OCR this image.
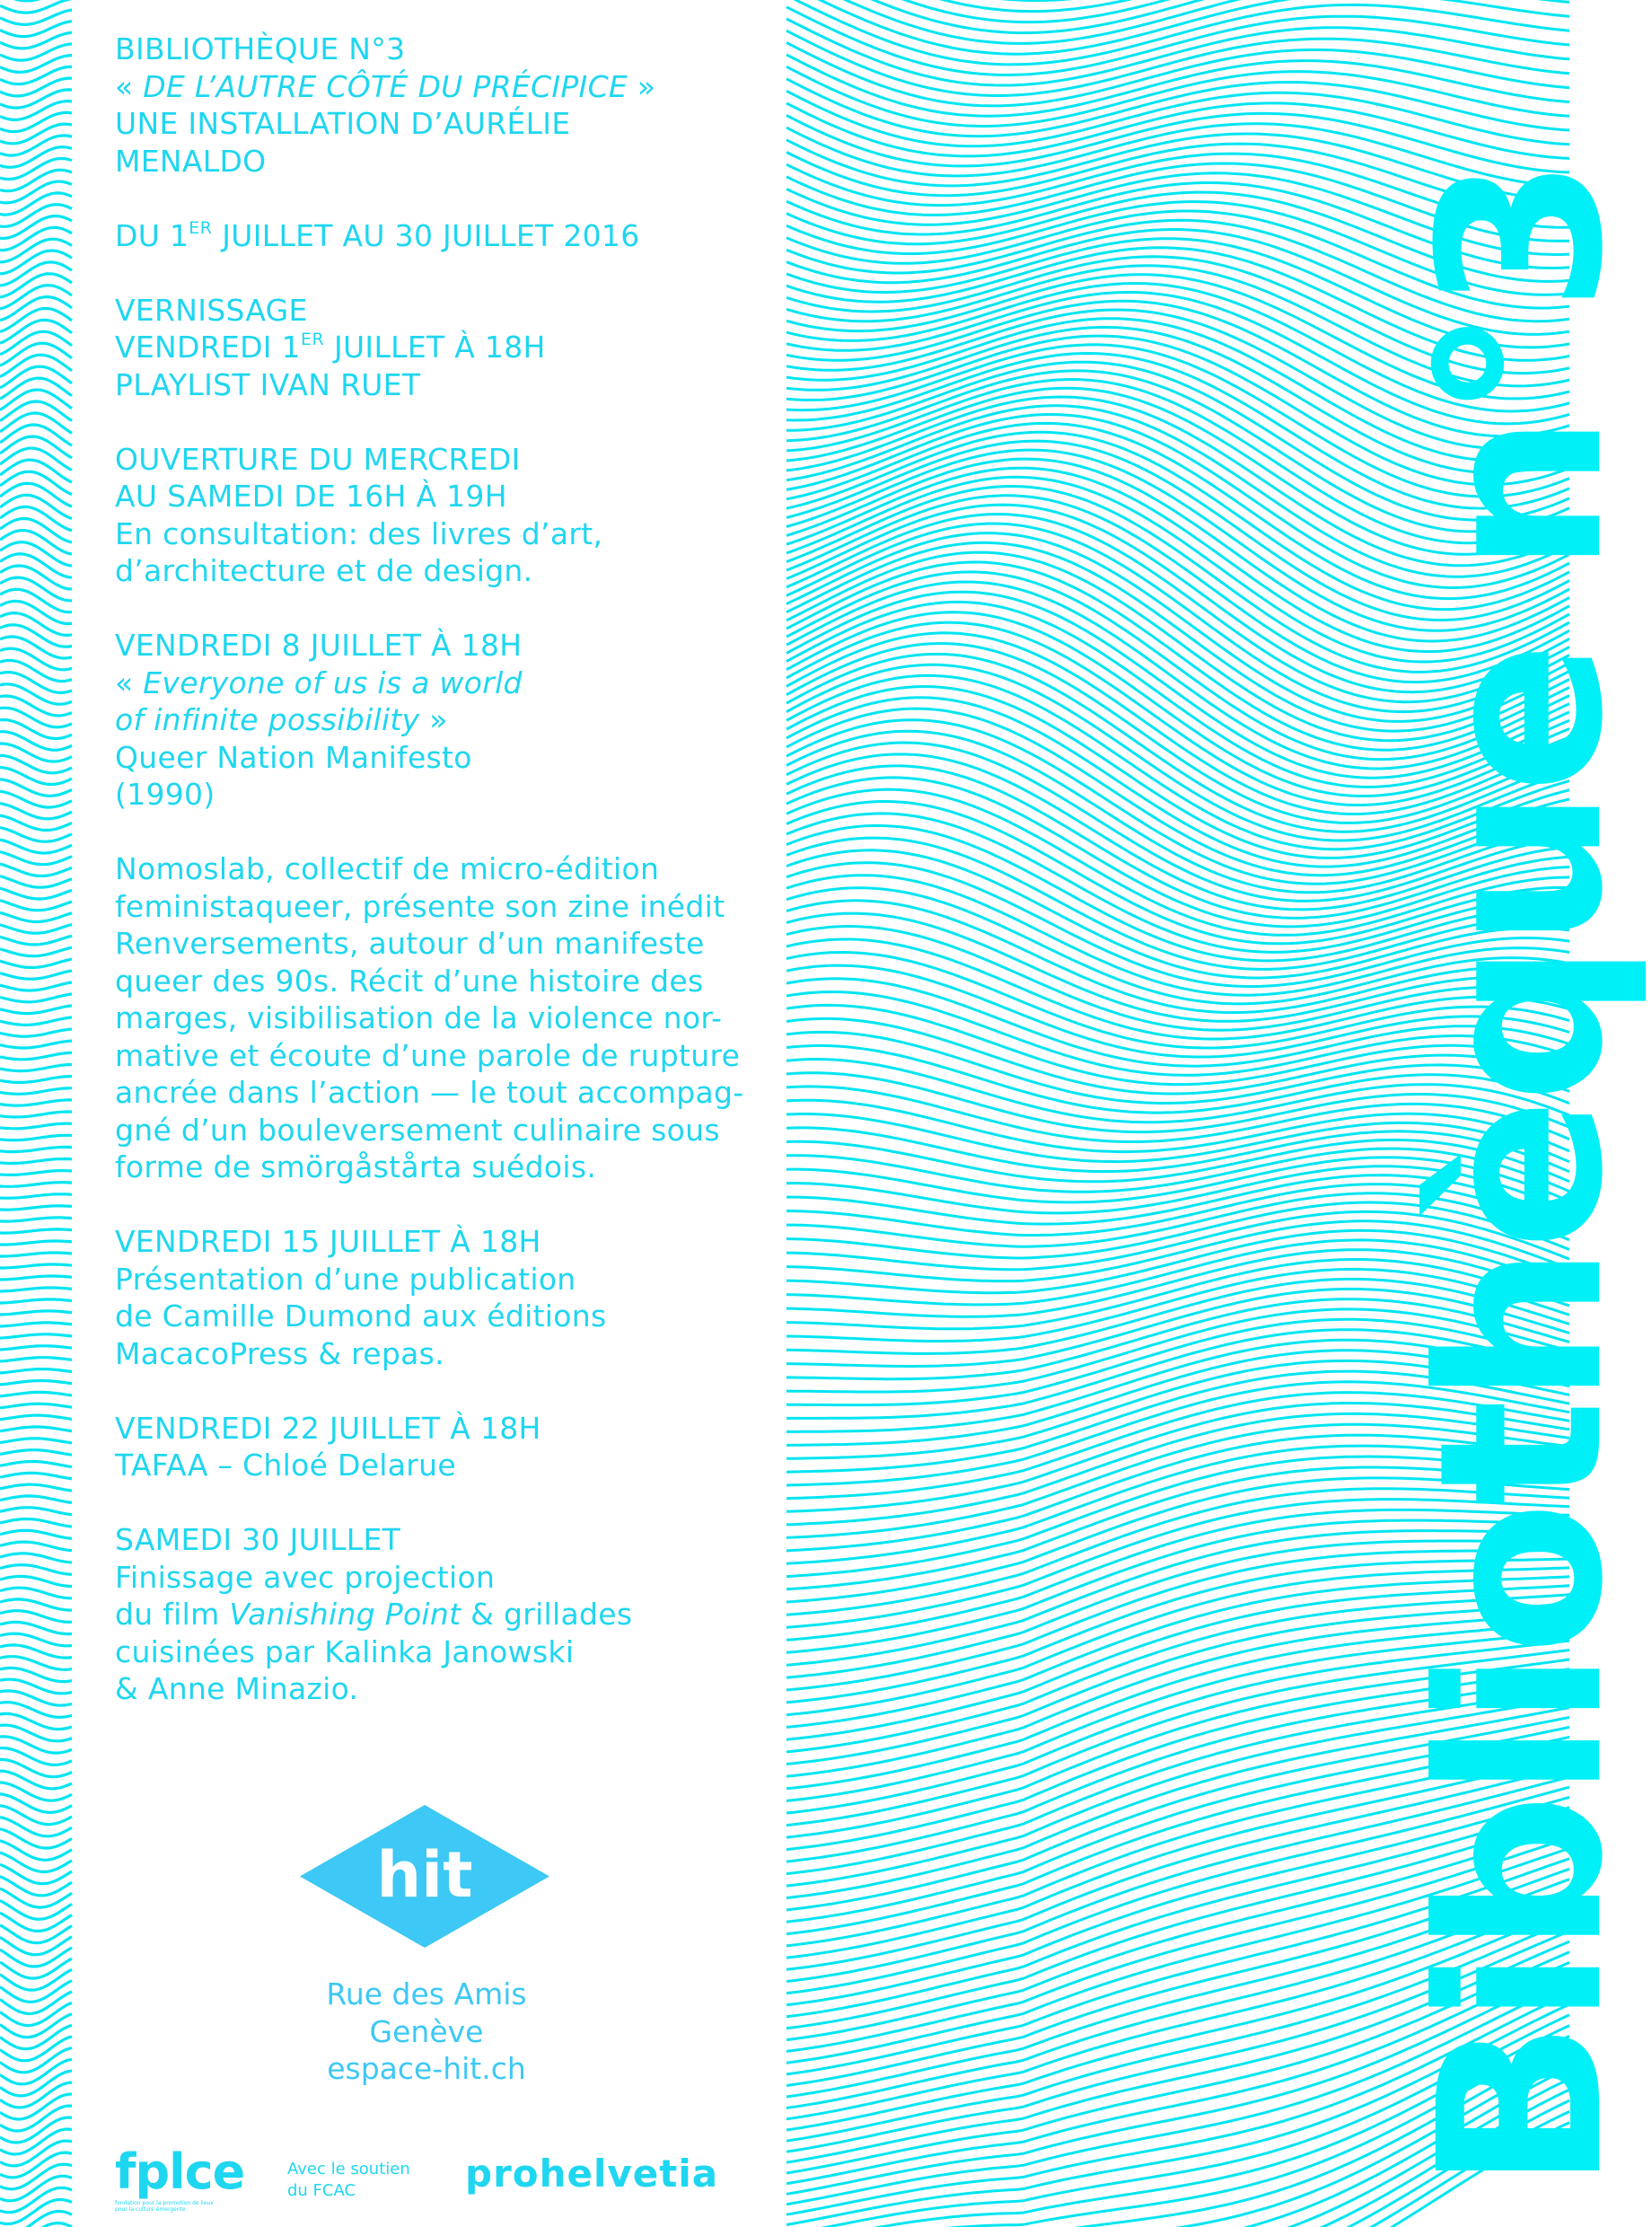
Bibliothèque n°3
BIBLIOTHÈQUE N°3
« DE L’AUTRE CÔTÉ DU PRÉCIPICE »
UNE INSTALLATION D’AURÉLIE
MENALDO
DU 1ER JUILLET AU 30 JUILLET 2016
VERNISSAGE
VENDREDI 1ER JUILLET À 18H
PLAYLIST IVAN RUET
OUVERTURE DU MERCREDI
AU SAMEDI DE 16H À 19H
En consultation: des livres d’art,
d’architecture et de design.
VENDREDI 8 JUILLET À 18H
« Everyone of us is a world
of infinite possibility »
Queer Nation Manifesto
(1990)
Nomoslab, collectif de micro-édition
feministaqueer, présente son zine inédit
Renversements, autour d’un manifeste
queer des 90s. Récit d’une histoire des
marges, visibilisation de la violence nor-
mative et écoute d’une parole de rupture
ancrée dans l’action — le tout accompag-
gné d’un bouleversement culinaire sous
forme de smörgåstårta suédois.
VENDREDI 15 JUILLET À 18H
Présentation d’une publication
de Camille Dumond aux éditions
MacacoPress & repas.
VENDREDI 22 JUILLET À 18H
TAFAA – Chloé Delarue
SAMEDI 30 JUILLET
Finissage avec projection
du film Vanishing Point & grillades
cuisinées par Kalinka Janowski
& Anne Minazio.
hit
Rue des Amis
Genève
espace-hit.ch
fplce
fondation pour la promotion de lieux pour la culture émergente
Avec le soutien
du FCAC	prohelvetia
